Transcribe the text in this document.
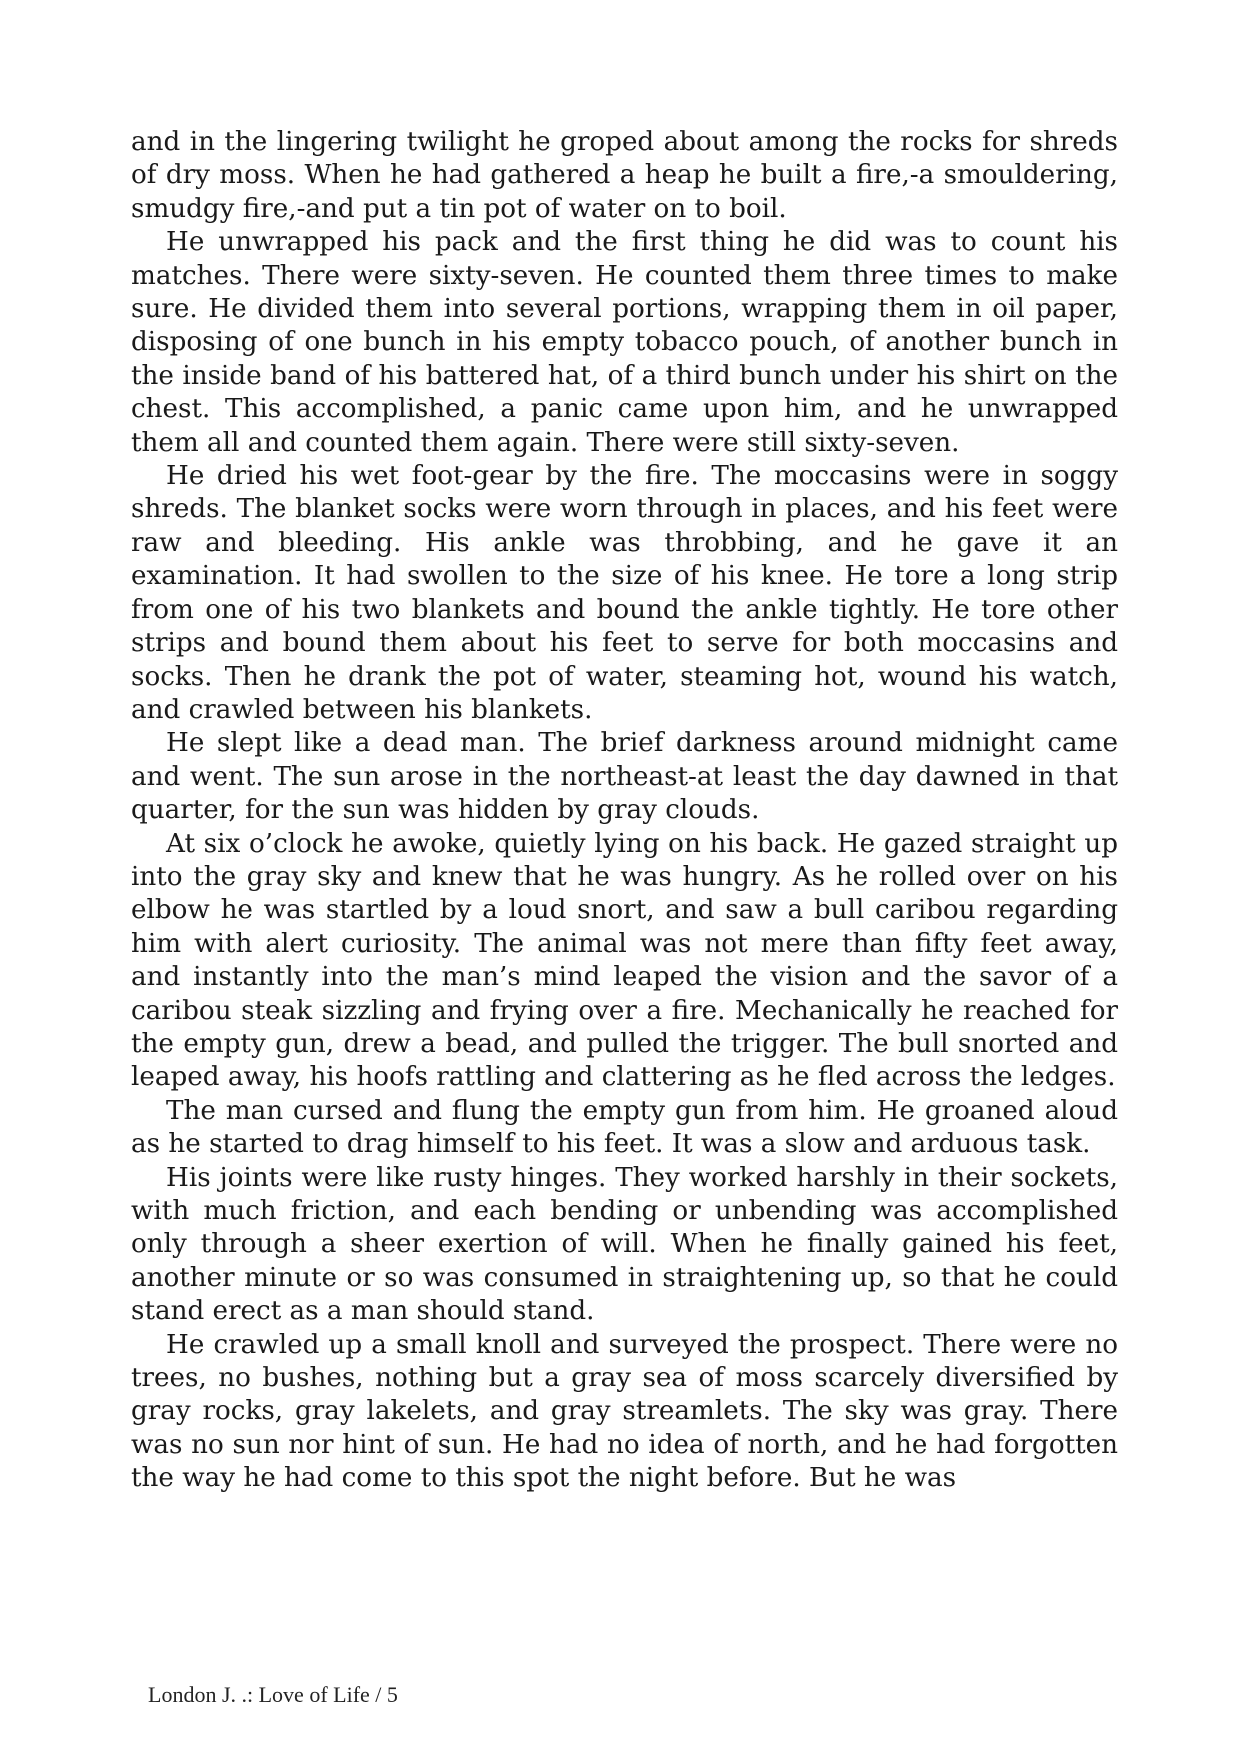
and in the lingering twilight he groped about among the rocks for shreds of dry moss. When he had gathered a heap he built a fire,-a smouldering, smudgy fire,-and put a tin pot of water on to boil.

He unwrapped his pack and the first thing he did was to count his matches. There were sixty-seven. He counted them three times to make sure. He divided them into several portions, wrapping them in oil paper, disposing of one bunch in his empty tobacco pouch, of another bunch in the inside band of his battered hat, of a third bunch under his shirt on the chest. This accomplished, a panic came upon him, and he unwrapped them all and counted them again. There were still sixty-seven.

He dried his wet foot-gear by the fire. The moccasins were in soggy shreds. The blanket socks were worn through in places, and his feet were raw and bleeding. His ankle was throbbing, and he gave it an examination. It had swollen to the size of his knee. He tore a long strip from one of his two blankets and bound the ankle tightly. He tore other strips and bound them about his feet to serve for both moccasins and socks. Then he drank the pot of water, steaming hot, wound his watch, and crawled between his blankets.

He slept like a dead man. The brief darkness around midnight came and went. The sun arose in the northeast-at least the day dawned in that quarter, for the sun was hidden by gray clouds.

At six o’clock he awoke, quietly lying on his back. He gazed straight up into the gray sky and knew that he was hungry. As he rolled over on his elbow he was startled by a loud snort, and saw a bull caribou regarding him with alert curiosity. The animal was not mere than fifty feet away, and instantly into the man’s mind leaped the vision and the savor of a caribou steak sizzling and frying over a fire. Mechanically he reached for the empty gun, drew a bead, and pulled the trigger. The bull snorted and leaped away, his hoofs rattling and clattering as he fled across the ledges.

The man cursed and flung the empty gun from him. He groaned aloud as he started to drag himself to his feet. It was a slow and arduous task.

His joints were like rusty hinges. They worked harshly in their sockets, with much friction, and each bending or unbending was accomplished only through a sheer exertion of will. When he finally gained his feet, another minute or so was consumed in straightening up, so that he could stand erect as a man should stand.

He crawled up a small knoll and surveyed the prospect. There were no trees, no bushes, nothing but a gray sea of moss scarcely diversified by gray rocks, gray lakelets, and gray streamlets. The sky was gray. There was no sun nor hint of sun. He had no idea of north, and he had forgotten the way he had come to this spot the night before. But he was

London J. .: Love of Life / 5
